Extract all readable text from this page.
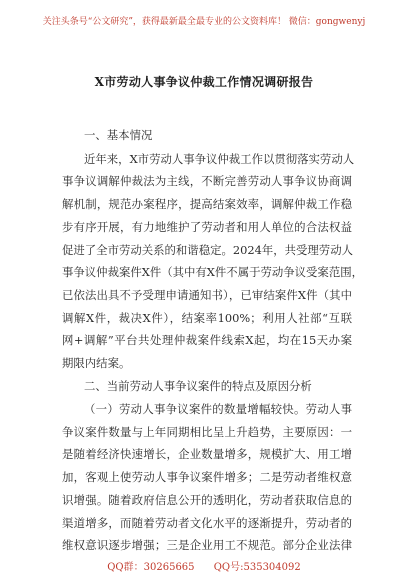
关注头条号“公文研究”，获得最新最全最专业的公文资料库！ 微信：gongwenyj
X市劳动人事争议仲裁工作情况调研报告
一、基本情况
近年来，X市劳动人事争议仲裁工作以贯彻落实劳动人
事争议调解仲裁法为主线，不断完善劳动人事争议协商调
解机制，规范办案程序，提高结案效率，调解仲裁工作稳
步有序开展，有力地维护了劳动者和用人单位的合法权益
促进了全市劳动关系的和谐稳定。2024年，共受理劳动人
事争议仲裁案件X件（其中有X件不属于劳动争议受案范围，
已依法出具不予受理申请通知书），已审结案件X件（其中
调解X件，裁决X件），结案率100%；利用人社部“互联
网+调解”平台共处理仲裁案件线索X起，均在15天办案
期限内结案。
二、当前劳动人事争议案件的特点及原因分析
（一）劳动人事争议案件的数量增幅较快。劳动人事
争议案件数量与上年同期相比呈上升趋势，主要原因：一
是随着经济快速增长，企业数量增多，规模扩大、用工增
加，客观上使劳动人事争议案件增多；二是劳动者维权意
识增强。随着政府信息公开的透明化，劳动者获取信息的
渠道增多，而随着劳动者文化水平的逐渐提升，劳动者的
维权意识逐步增强；三是企业用工不规范。部分企业法律
QQ群：30265665 QQ号:535304092
